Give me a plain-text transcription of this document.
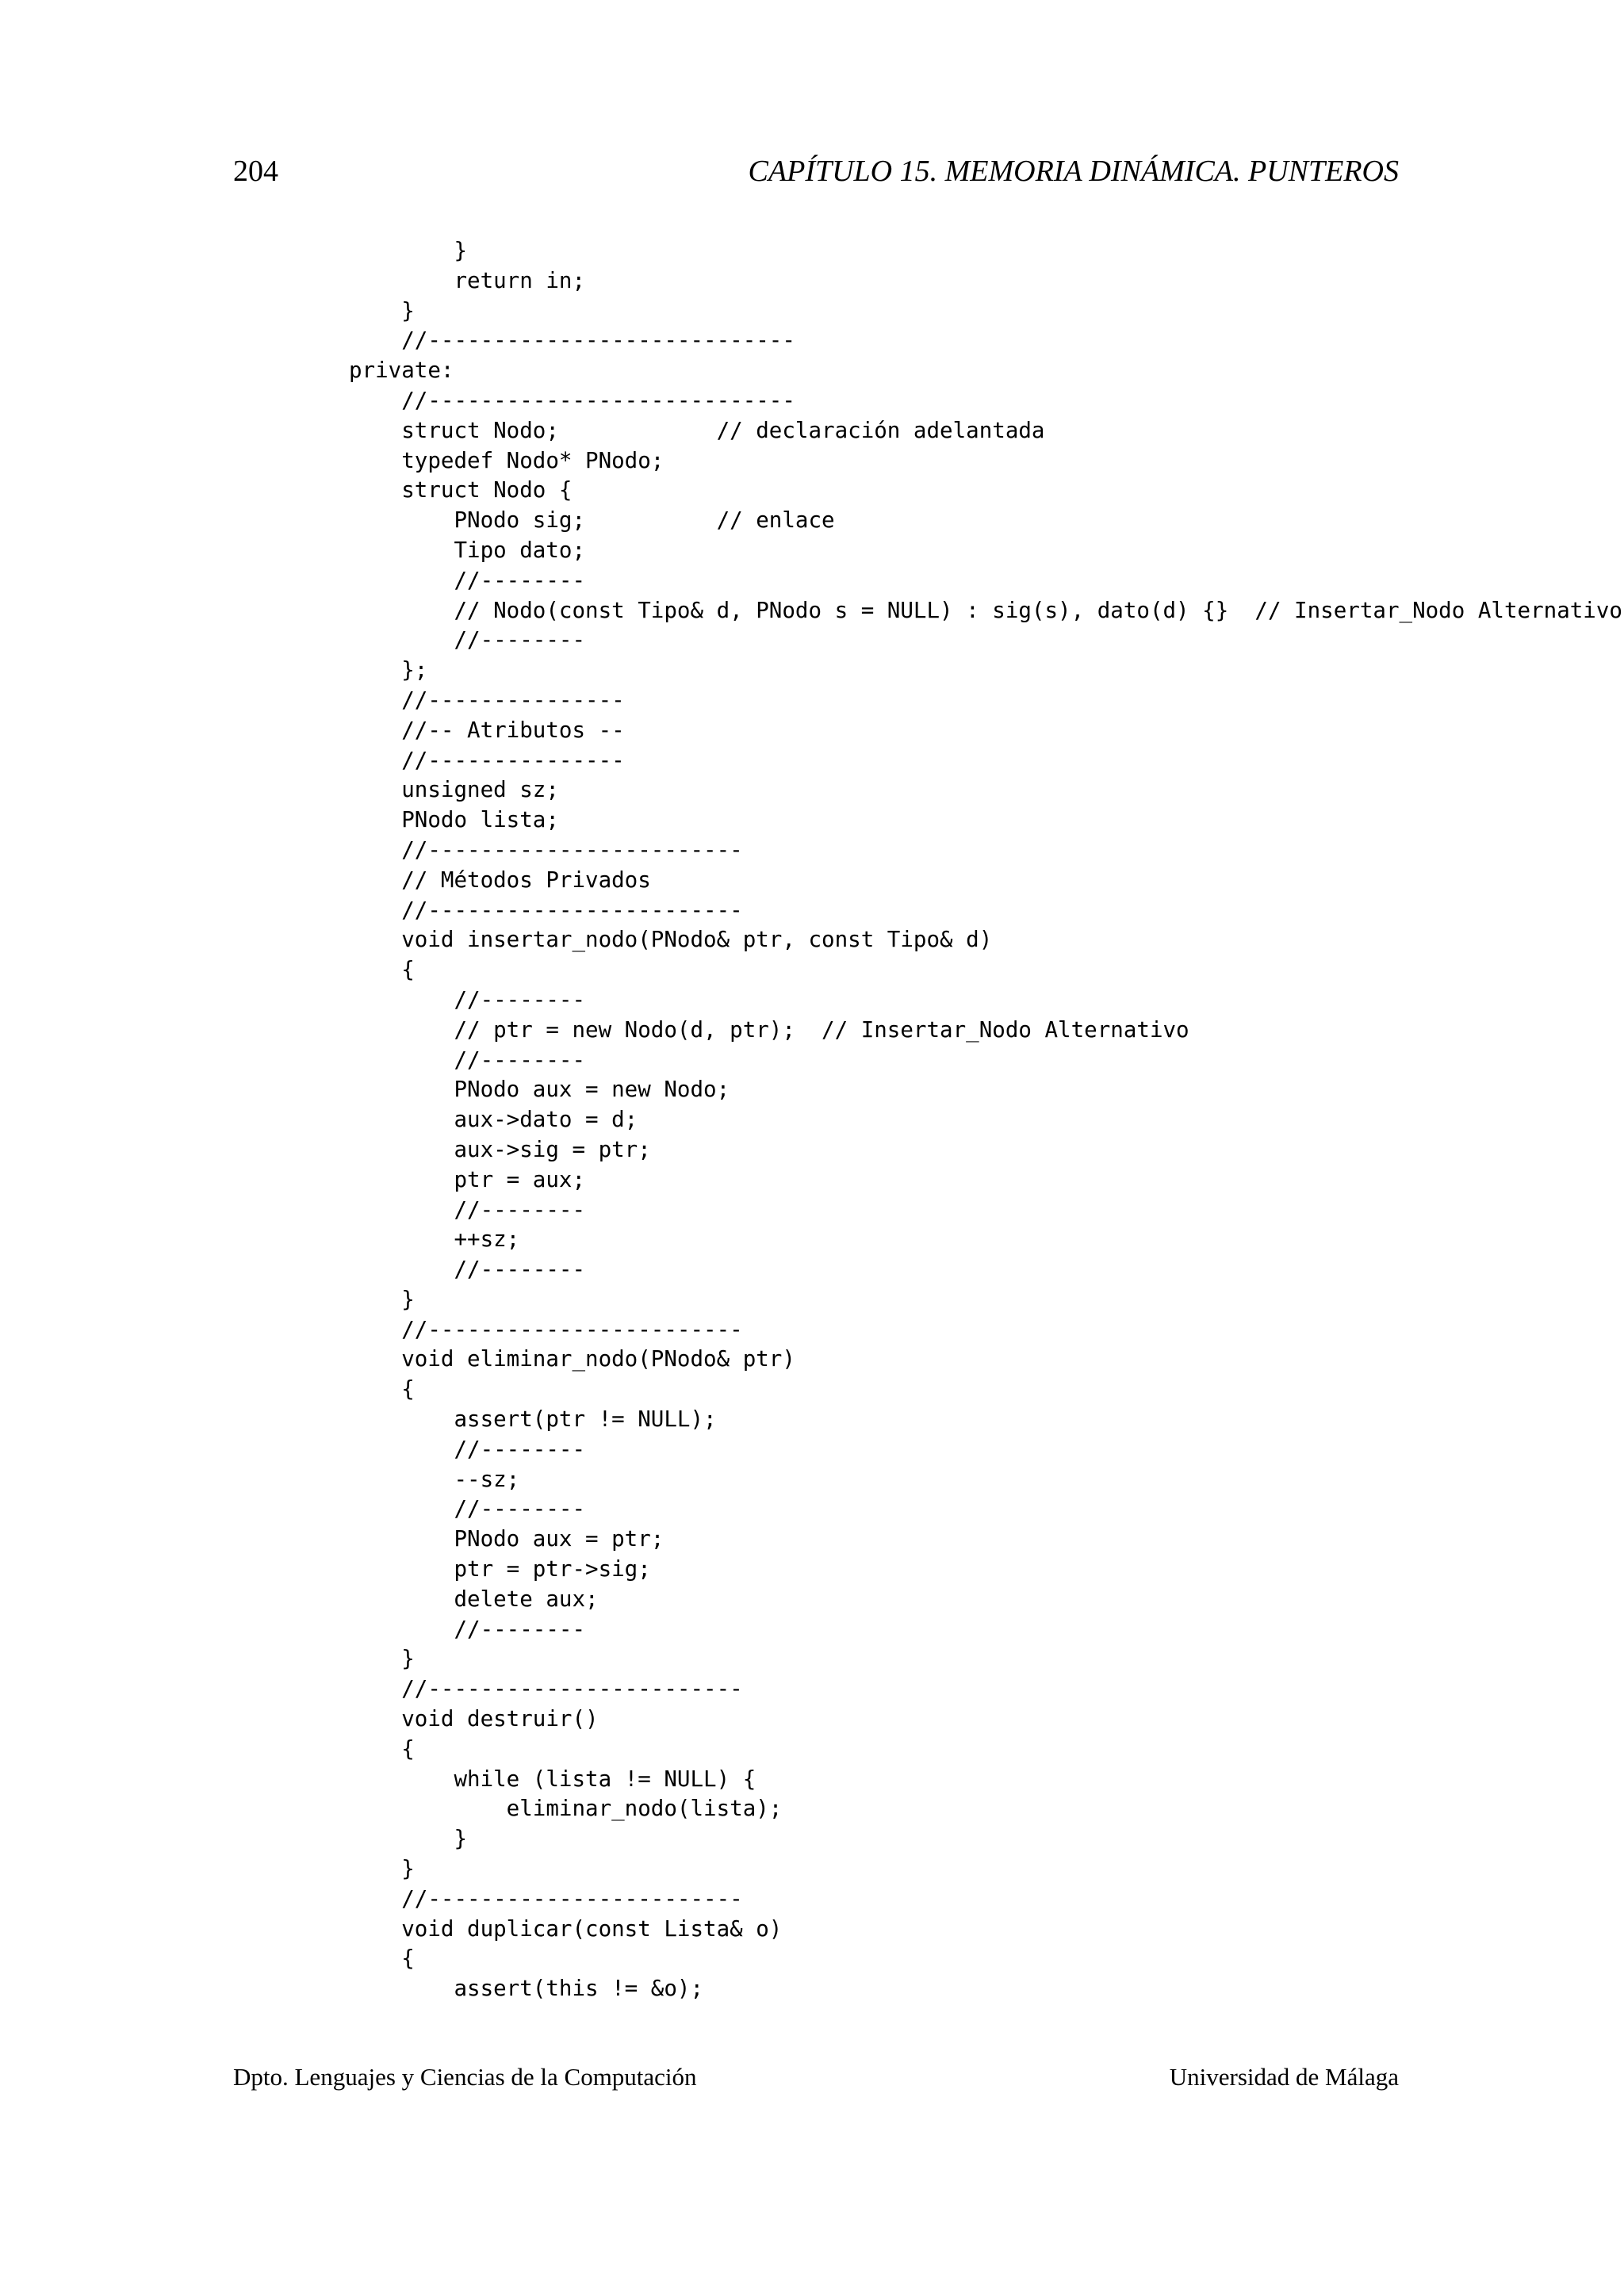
204	CAPÍTULO 15. MEMORIA DINÁMICA. PUNTEROS

}
return in;
}
//----------------------------
private:
//----------------------------
struct Nodo;            // declaración adelantada
typedef Nodo* PNodo;
struct Nodo {
PNodo sig;          // enlace
Tipo dato;
//--------
// Nodo(const Tipo& d, PNodo s = NULL) : sig(s), dato(d) {}  // Insertar_Nodo Alternativo
//--------
};
//---------------
//-- Atributos --
//---------------
unsigned sz;
PNodo lista;
//------------------------
// Métodos Privados
//------------------------
void insertar_nodo(PNodo& ptr, const Tipo& d)
{
//--------
// ptr = new Nodo(d, ptr);  // Insertar_Nodo Alternativo
//--------
PNodo aux = new Nodo;
aux->dato = d;
aux->sig = ptr;
ptr = aux;
//--------
++sz;
//--------
}
//------------------------
void eliminar_nodo(PNodo& ptr)
{
assert(ptr != NULL);
//--------
--sz;
//--------
PNodo aux = ptr;
ptr = ptr->sig;
delete aux;
//--------
}
//------------------------
void destruir()
{
while (lista != NULL) {
eliminar_nodo(lista);
}
}
//------------------------
void duplicar(const Lista& o)
{
assert(this != &o);

Dpto. Lenguajes y Ciencias de la Computación	Universidad de Málaga
